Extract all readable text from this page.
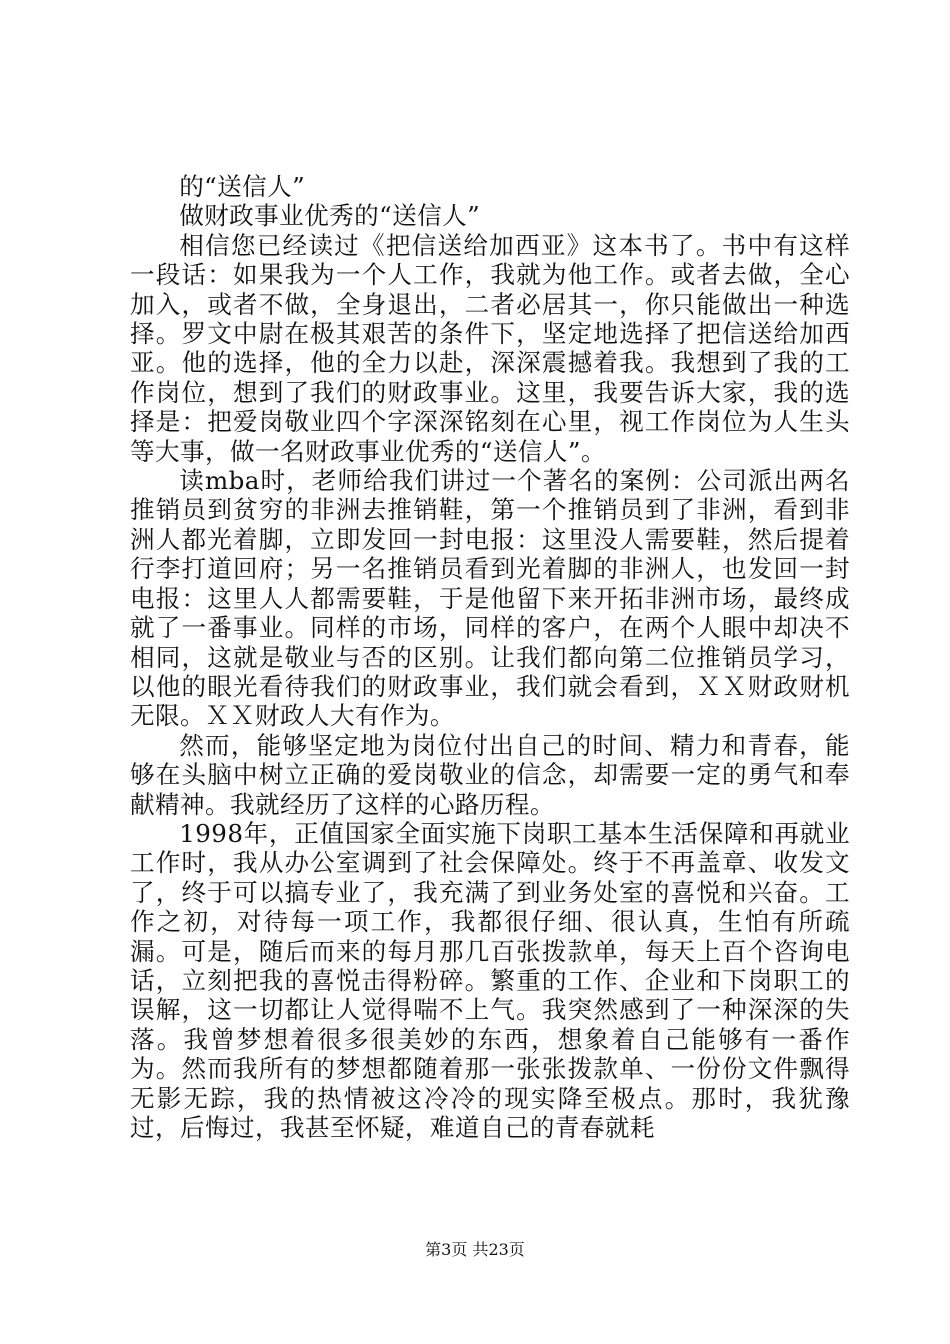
的“送信人”

做财政事业优秀的“送信人”

相信您已经读过《把信送给加西亚》这本书了。书中有这样一段话：如果我为一个人工作，我就为他工作。或者去做，全心加入，或者不做，全身退出，二者必居其一，你只能做出一种选择。罗文中尉在极其艰苦的条件下，坚定地选择了把信送给加西亚。他的选择，他的全力以赴，深深震撼着我。我想到了我的工作岗位，想到了我们的财政事业。这里，我要告诉大家，我的选择是：把爱岗敬业四个字深深铭刻在心里，视工作岗位为人生头等大事，做一名财政事业优秀的“送信人”。

读mba时，老师给我们讲过一个著名的案例：公司派出两名推销员到贫穷的非洲去推销鞋，第一个推销员到了非洲，看到非洲人都光着脚，立即发回一封电报：这里没人需要鞋，然后提着行李打道回府；另一名推销员看到光着脚的非洲人，也发回一封电报：这里人人都需要鞋，于是他留下来开拓非洲市场，最终成就了一番事业。同样的市场，同样的客户，在两个人眼中却决不相同，这就是敬业与否的区别。让我们都向第二位推销员学习，以他的眼光看待我们的财政事业，我们就会看到，ＸＸ财政财机无限。ＸＸ财政人大有作为。

然而，能够坚定地为岗位付出自己的时间、精力和青春，能够在头脑中树立正确的爱岗敬业的信念，却需要一定的勇气和奉献精神。我就经历了这样的心路历程。

1998年，正值国家全面实施下岗职工基本生活保障和再就业工作时，我从办公室调到了社会保障处。终于不再盖章、收发文了，终于可以搞专业了，我充满了到业务处室的喜悦和兴奋。工作之初，对待每一项工作，我都很仔细、很认真，生怕有所疏漏。可是，随后而来的每月那几百张拨款单，每天上百个咨询电话，立刻把我的喜悦击得粉碎。繁重的工作、企业和下岗职工的误解，这一切都让人觉得喘不上气。我突然感到了一种深深的失落。我曾梦想着很多很美妙的东西，想象着自己能够有一番作为。然而我所有的梦想都随着那一张张拨款单、一份份文件飘得无影无踪，我的热情被这冷冷的现实降至极点。那时，我犹豫过，后悔过，我甚至怀疑，难道自己的青春就耗

第3页 共23页
